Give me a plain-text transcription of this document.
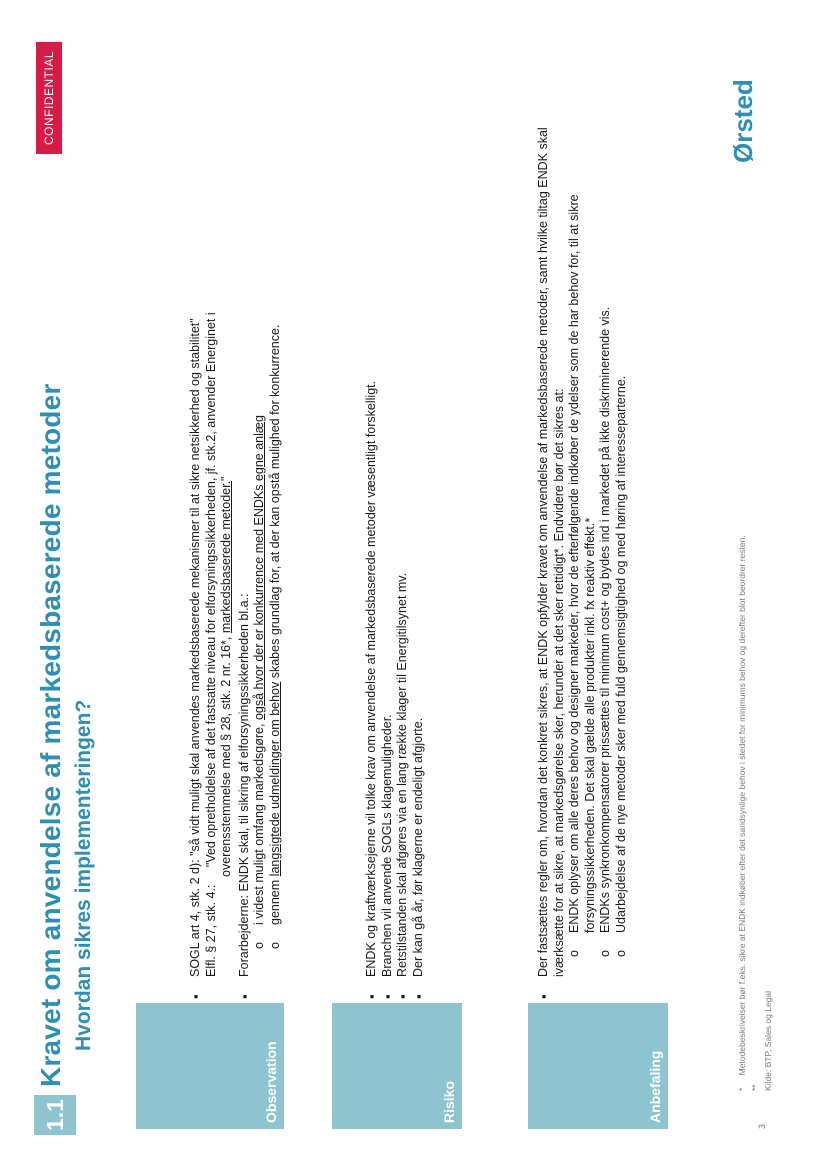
1.1
Kravet om anvendelse af markedsbaserede metoder Hvordan sikres implementeringen?
CONFIDENTIAL	Ørsted
Observation
▪ SOGL art 4, stk. 2 d): "så vidt muligt skal anvendes markedsbaserede mekanismer til at sikre netsikkerhed og stabilitet" Elfl. § 27, stk. 4.: "Ved opretholdelse af det fastsatte niveau for elforsyningssikkerheden, jf. stk.2, anvender Energinet i overensstemmelse med § 28, stk. 2 nr. 16*, markedsbaserede metoder."
▪ Forarbejderne: ENDK skal, til sikring af elforsyningssikkerheden bl.a.: o i videst muligt omfang markedsgøre, også hvor der er konkurrence med ENDKs egne anlæg
o gennem langsigtede udmeldinger om behov skabes grundlag for, at der kan opstå mulighed for konkurrence.
Risiko
▪ ENDK og kraftværksejerne vil tolke krav om anvendelse af markedsbaserede metoder væsentligt forskelligt. ▪ Branchen vil anvende SOGLs klagemuligheder. ▪ Retstilstanden skal afgøres via en lang række klager til Energitilsynet mv. ▪ Der kan gå år, før klagerne er endeligt afgjorte.
Anbefaling
▪ Der fastsættes regler om, hvordan det konkret sikres, at ENDK opfylder kravet om anvendelse af markedsbaserede metoder, samt hvilke tiltag ENDK skal iværksætte for at sikre, at markedsgørelse sker, herunder at det sker rettidigt*. Endvidere bør det sikres at: o ENDK oplyser om alle deres behov og designer markeder, hvor de efterfølgende indkøber de ydelser som de har behov for, til at sikre forsyningssikkerheden. Det skal gælde alle produkter inkl. fx reaktiv effekt.* o ENDKs synkronkompensatorer prissættes til minimum cost+ og bydes ind i markedet på ikke diskriminerende vis. o Udarbejdelse af de nye metoder sker med fuld gennemsigtighed og med høring af interesseparterne.
* Metodebeskrivelser bør f.eks. sikre at ENDK indkøber efter det sandsynlige behov i stedet for minimums behov og derefter blot beordrer resten.
** Kilde: BTP, Sales og Legal
3
